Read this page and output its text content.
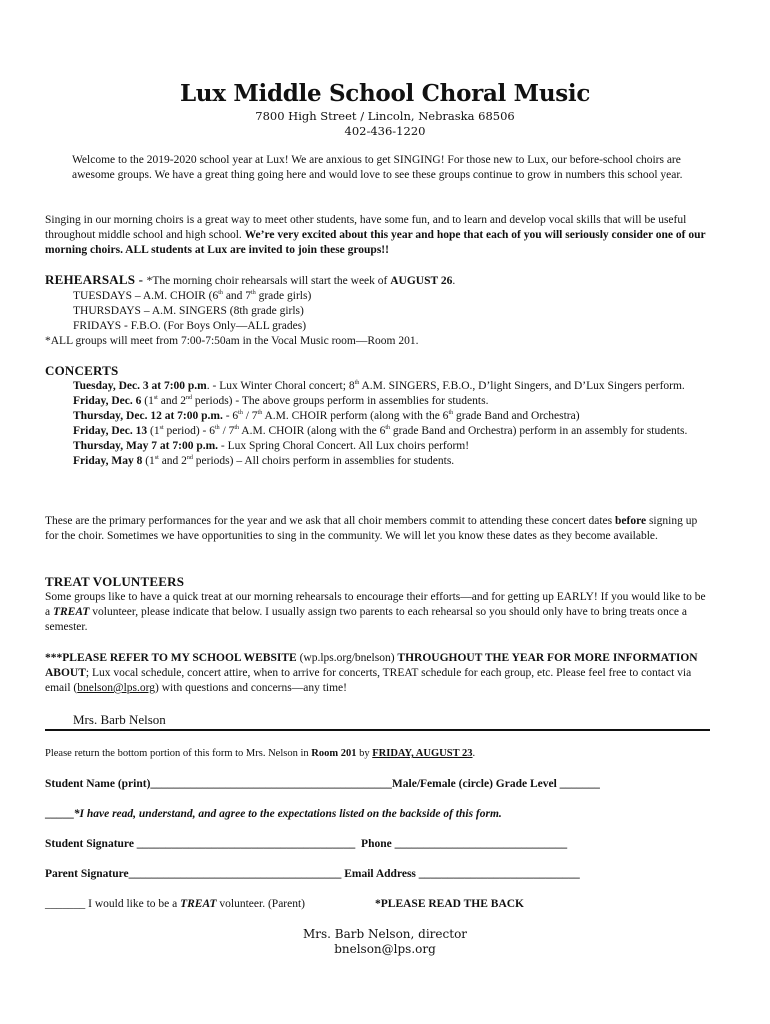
Lux Middle School Choral Music
7800 High Street / Lincoln, Nebraska 68506
402-436-1220
Welcome to the 2019-2020 school year at Lux! We are anxious to get SINGING! For those new to Lux, our before-school choirs are awesome groups. We have a great thing going here and would love to see these groups continue to grow in numbers this school year.
Singing in our morning choirs is a great way to meet other students, have some fun, and to learn and develop vocal skills that will be useful throughout middle school and high school. We’re very excited about this year and hope that each of you will seriously consider one of our morning choirs. ALL students at Lux are invited to join these groups!!
REHEARSALS - *The morning choir rehearsals will start the week of AUGUST 26.
TUESDAYS – A.M. CHOIR (6th and 7th grade girls)
THURSDAYS – A.M. SINGERS (8th grade girls)
FRIDAYS - F.B.O. (For Boys Only—ALL grades)
*ALL groups will meet from 7:00-7:50am in the Vocal Music room—Room 201.
CONCERTS
Tuesday, Dec. 3 at 7:00 p.m. - Lux Winter Choral concert; 8th A.M. SINGERS, F.B.O., D’light Singers, and D’Lux Singers perform.
Friday, Dec. 6 (1st and 2nd periods) - The above groups perform in assemblies for students.
Thursday, Dec. 12 at 7:00 p.m. - 6th / 7th A.M. CHOIR perform (along with the 6th grade Band and Orchestra)
Friday, Dec. 13 (1st period) - 6th / 7th A.M. CHOIR (along with the 6th grade Band and Orchestra) perform in an assembly for students.
Thursday, May 7 at 7:00 p.m. - Lux Spring Choral Concert. All Lux choirs perform!
Friday, May 8 (1st and 2nd periods) – All choirs perform in assemblies for students.
These are the primary performances for the year and we ask that all choir members commit to attending these concert dates before signing up for the choir. Sometimes we have opportunities to sing in the community. We will let you know these dates as they become available.
TREAT VOLUNTEERS
Some groups like to have a quick treat at our morning rehearsals to encourage their efforts—and for getting up EARLY! If you would like to be a TREAT volunteer, please indicate that below. I usually assign two parents to each rehearsal so you should only have to bring treats once a semester.
***PLEASE REFER TO MY SCHOOL WEBSITE (wp.lps.org/bnelson) THROUGHOUT THE YEAR FOR MORE INFORMATION ABOUT; Lux vocal schedule, concert attire, when to arrive for concerts, TREAT schedule for each group, etc. Please feel free to contact via email (bnelson@lps.org) with questions and concerns—any time!
Mrs. Barb Nelson
Please return the bottom portion of this form to Mrs. Nelson in Room 201 by FRIDAY, AUGUST 23.
Student Name (print)__________________________________________Male/Female (circle) Grade Level _______
_____*I have read, understand, and agree to the expectations listed on the backside of this form.
Student Signature ______________________________________  Phone ______________________________
Parent Signature_____________________________________ Email Address ____________________________
_______ I would like to be a TREAT volunteer. (Parent)	*PLEASE READ THE BACK
Mrs. Barb Nelson, director
bnelson@lps.org
